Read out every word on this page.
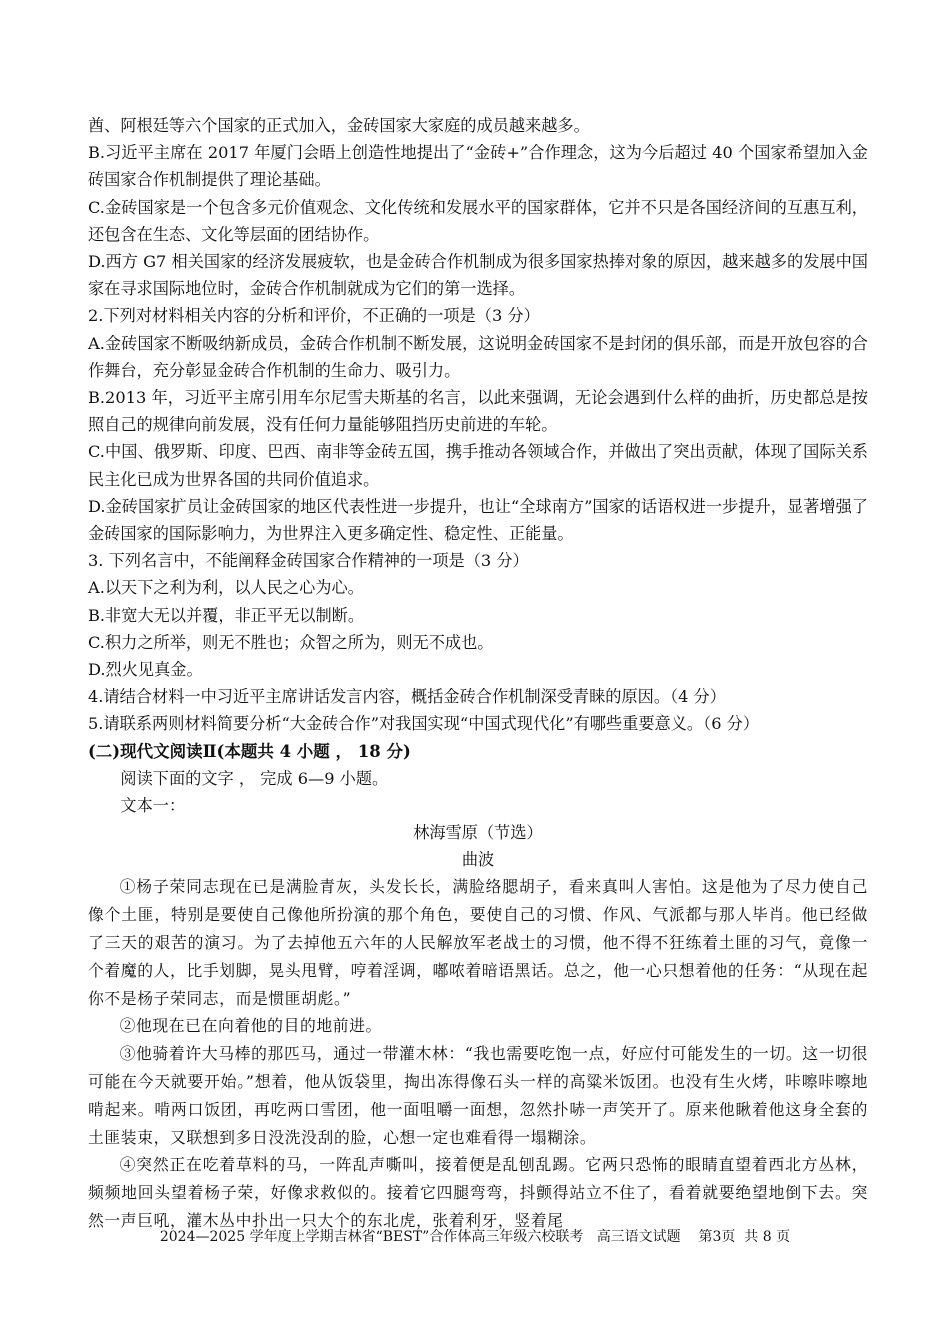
酋、阿根廷等六个国家的正式加入，金砖国家大家庭的成员越来越多。

B.习近平主席在 2017 年厦门会晤上创造性地提出了“金砖+”合作理念，这为今后超过 40 个国家希望加入金砖国家合作机制提供了理论基础。

C.金砖国家是一个包含多元价值观念、文化传统和发展水平的国家群体，它并不只是各国经济间的互惠互利，还包含在生态、文化等层面的团结协作。

D.西方 G7 相关国家的经济发展疲软，也是金砖合作机制成为很多国家热捧对象的原因，越来越多的发展中国家在寻求国际地位时，金砖合作机制就成为它们的第一选择。

2.下列对材料相关内容的分析和评价，不正确的一项是（3 分）

A.金砖国家不断吸纳新成员，金砖合作机制不断发展，这说明金砖国家不是封闭的俱乐部，而是开放包容的合作舞台，充分彰显金砖合作机制的生命力、吸引力。

B.2013 年，习近平主席引用车尔尼雪夫斯基的名言，以此来强调，无论会遇到什么样的曲折，历史都总是按照自己的规律向前发展，没有任何力量能够阻挡历史前进的车轮。

C.中国、俄罗斯、印度、巴西、南非等金砖五国，携手推动各领域合作，并做出了突出贡献，体现了国际关系民主化已成为世界各国的共同价值追求。

D.金砖国家扩员让金砖国家的地区代表性进一步提升，也让“全球南方”国家的话语权进一步提升，显著增强了金砖国家的国际影响力，为世界注入更多确定性、稳定性、正能量。

3. 下列名言中，不能阐释金砖国家合作精神的一项是（3 分）

A.以天下之利为利，以人民之心为心。

B.非宽大无以并覆，非正平无以制断。

C.积力之所举，则无不胜也；众智之所为，则无不成也。

D.烈火见真金。

4.请结合材料一中习近平主席讲话发言内容，概括金砖合作机制深受青睐的原因。（4 分）

5.请联系两则材料简要分析“大金砖合作”对我国实现“中国式现代化”有哪些重要意义。（6 分）

(二)现代文阅读Ⅱ(本题共 4 小题 ， 18 分)

阅读下面的文字 ， 完成 6—9 小题。

文本一：

林海雪原（节选）

曲波

①杨子荣同志现在已是满脸青灰，头发长长，满脸络腮胡子，看来真叫人害怕。这是他为了尽力使自己像个土匪，特别是要使自己像他所扮演的那个角色，要使自己的习惯、作风、气派都与那人毕肖。他已经做了三天的艰苦的演习。为了去掉他五六年的人民解放军老战士的习惯，他不得不狂练着土匪的习气，竟像一个着魔的人，比手划脚，晃头甩臂，哼着淫调，嘟哝着暗语黑话。总之，他一心只想着他的任务：“从现在起你不是杨子荣同志，而是惯匪胡彪。”

②他现在已在向着他的目的地前进。

③他骑着许大马棒的那匹马，通过一带灌木林：“我也需要吃饱一点，好应付可能发生的一切。这一切很可能在今天就要开始。”想着，他从饭袋里，掏出冻得像石头一样的高粱米饭团。也没有生火烤，咔嚓咔嚓地啃起来。啃两口饭团，再吃两口雪团，他一面咀嚼一面想，忽然扑哧一声笑开了。原来他瞅着他这身全套的土匪装束，又联想到多日没洗没刮的脸，心想一定也难看得一塌糊涂。

④突然正在吃着草料的马，一阵乱声嘶叫，接着便是乱刨乱踢。它两只恐怖的眼睛直望着西北方丛林，频频地回头望着杨子荣，好像求救似的。接着它四腿弯弯，抖颤得站立不住了，看着就要绝望地倒下去。突然一声巨吼，灌木丛中扑出一只大个的东北虎，张着利牙，竖着尾

2024—2025 学年度上学期吉林省“BEST”合作体高三年级六校联考 高三语文试题 第3页  共 8 页
